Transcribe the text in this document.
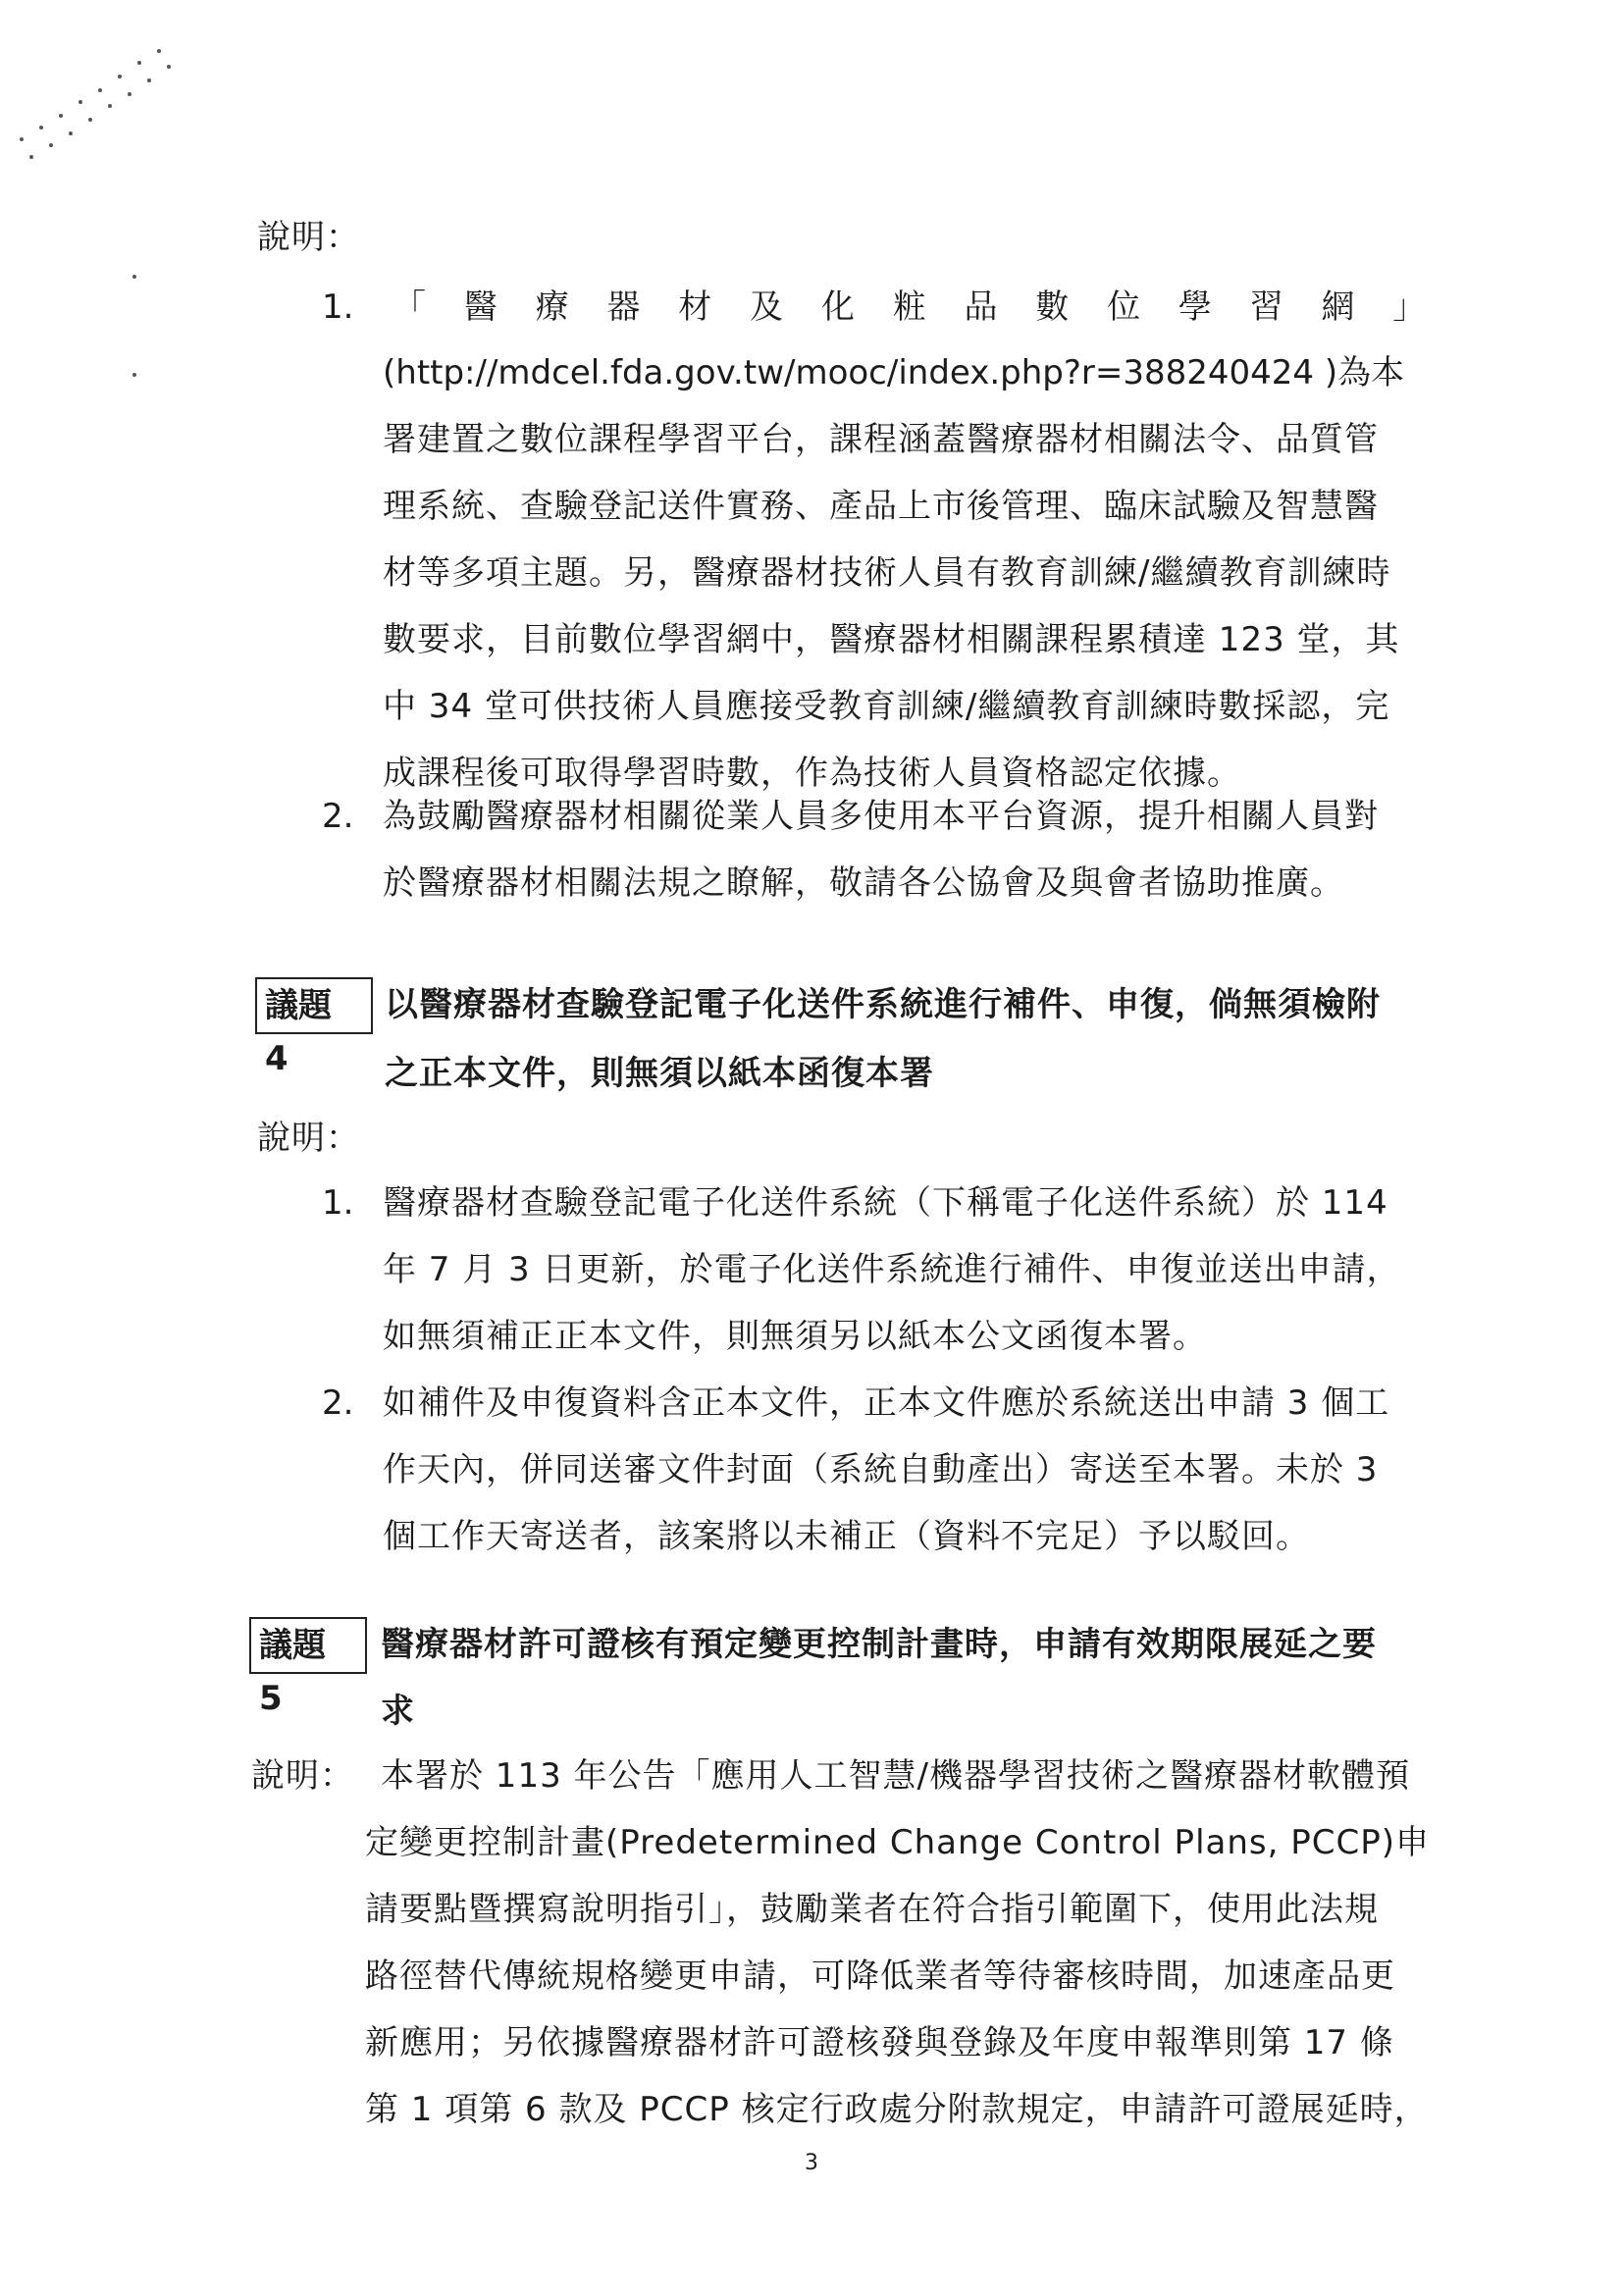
說明：
1. 「 醫 療 器 材 及 化 粧 品 數 位 學 習 網 」
(http://mdcel.fda.gov.tw/mooc/index.php?r=388240424 )為本
署建置之數位課程學習平台，課程涵蓋醫療器材相關法令、品質管
理系統、查驗登記送件實務、產品上市後管理、臨床試驗及智慧醫
材等多項主題。另，醫療器材技術人員有教育訓練/繼續教育訓練時
數要求，目前數位學習網中，醫療器材相關課程累積達 123 堂，其
中 34 堂可供技術人員應接受教育訓練/繼續教育訓練時數採認，完
成課程後可取得學習時數，作為技術人員資格認定依據。
2. 為鼓勵醫療器材相關從業人員多使用本平台資源，提升相關人員對
於醫療器材相關法規之瞭解，敬請各公協會及與會者協助推廣。
議題 4
以醫療器材查驗登記電子化送件系統進行補件、申復，倘無須檢附
之正本文件，則無須以紙本函復本署
說明：
1. 醫療器材查驗登記電子化送件系統（下稱電子化送件系統）於 114
年 7 月 3 日更新，於電子化送件系統進行補件、申復並送出申請，
如無須補正正本文件，則無須另以紙本公文函復本署。
2. 如補件及申復資料含正本文件，正本文件應於系統送出申請 3 個工
作天內，併同送審文件封面（系統自動產出）寄送至本署。未於 3
個工作天寄送者，該案將以未補正（資料不完足）予以駁回。
議題 5
醫療器材許可證核有預定變更控制計畫時，申請有效期限展延之要
求
說明： 本署於 113 年公告「應用人工智慧/機器學習技術之醫療器材軟體預
定變更控制計畫(Predetermined Change Control Plans, PCCP)申
請要點暨撰寫說明指引」，鼓勵業者在符合指引範圍下，使用此法規
路徑替代傳統規格變更申請，可降低業者等待審核時間，加速產品更
新應用；另依據醫療器材許可證核發與登錄及年度申報準則第 17 條
第 1 項第 6 款及 PCCP 核定行政處分附款規定，申請許可證展延時，
3
